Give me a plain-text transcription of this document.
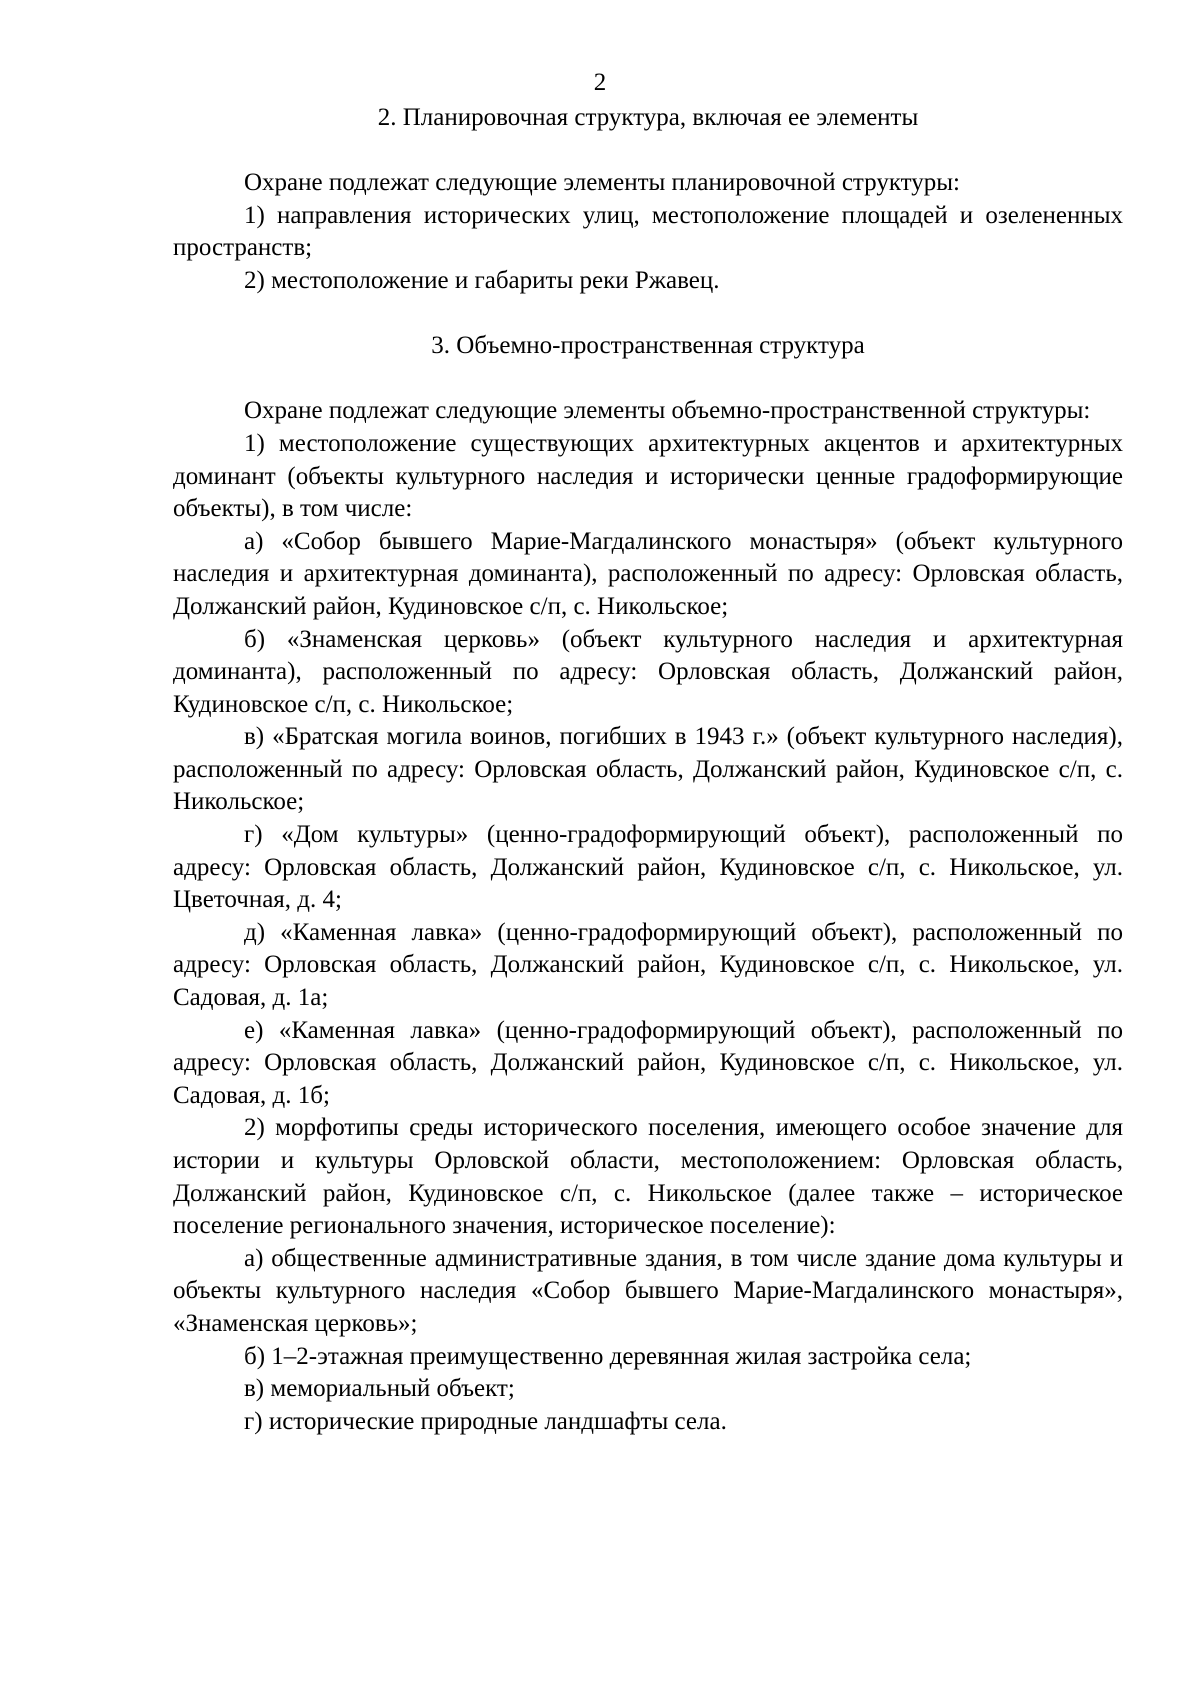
2
2. Планировочная структура, включая ее элементы

Охране подлежат следующие элементы планировочной структуры:

1) направления исторических улиц, местоположение площадей и озелененных пространств;

2) местоположение и габариты реки Ржавец.

3. Объемно-пространственная структура

Охране подлежат следующие элементы объемно-пространственной структуры:

1) местоположение существующих архитектурных акцентов и архитектурных доминант (объекты культурного наследия и исторически ценные градоформирующие объекты), в том числе:

а) «Собор бывшего Марие-Магдалинского монастыря» (объект культурного наследия и архитектурная доминанта), расположенный по адресу: Орловская область, Должанский район, Кудиновское с/п, с. Никольское;

б) «Знаменская церковь» (объект культурного наследия и архитектурная доминанта), расположенный по адресу: Орловская область, Должанский район, Кудиновское с/п, с. Никольское;

в) «Братская могила воинов, погибших в 1943 г.» (объект культурного наследия), расположенный по адресу: Орловская область, Должанский район, Кудиновское с/п, с. Никольское;

г) «Дом культуры» (ценно-градоформирующий объект), расположенный по адресу: Орловская область, Должанский район, Кудиновское с/п, с. Никольское, ул. Цветочная, д. 4;

д) «Каменная лавка» (ценно-градоформирующий объект), расположенный по адресу: Орловская область, Должанский район, Кудиновское с/п, с. Никольское, ул. Садовая, д. 1а;

е) «Каменная лавка» (ценно-градоформирующий объект), расположенный по адресу: Орловская область, Должанский район, Кудиновское с/п, с. Никольское, ул. Садовая, д. 1б;

2) морфотипы среды исторического поселения, имеющего особое значение для истории и культуры Орловской области, местоположением: Орловская область, Должанский район, Кудиновское с/п, с. Никольское (далее также – историческое поселение регионального значения, историческое поселение):

а) общественные административные здания, в том числе здание дома культуры и объекты культурного наследия «Собор бывшего Марие-Магдалинского монастыря», «Знаменская церковь»;

б) 1–2-этажная преимущественно деревянная жилая застройка села;

в) мемориальный объект;

г) исторические природные ландшафты села.
